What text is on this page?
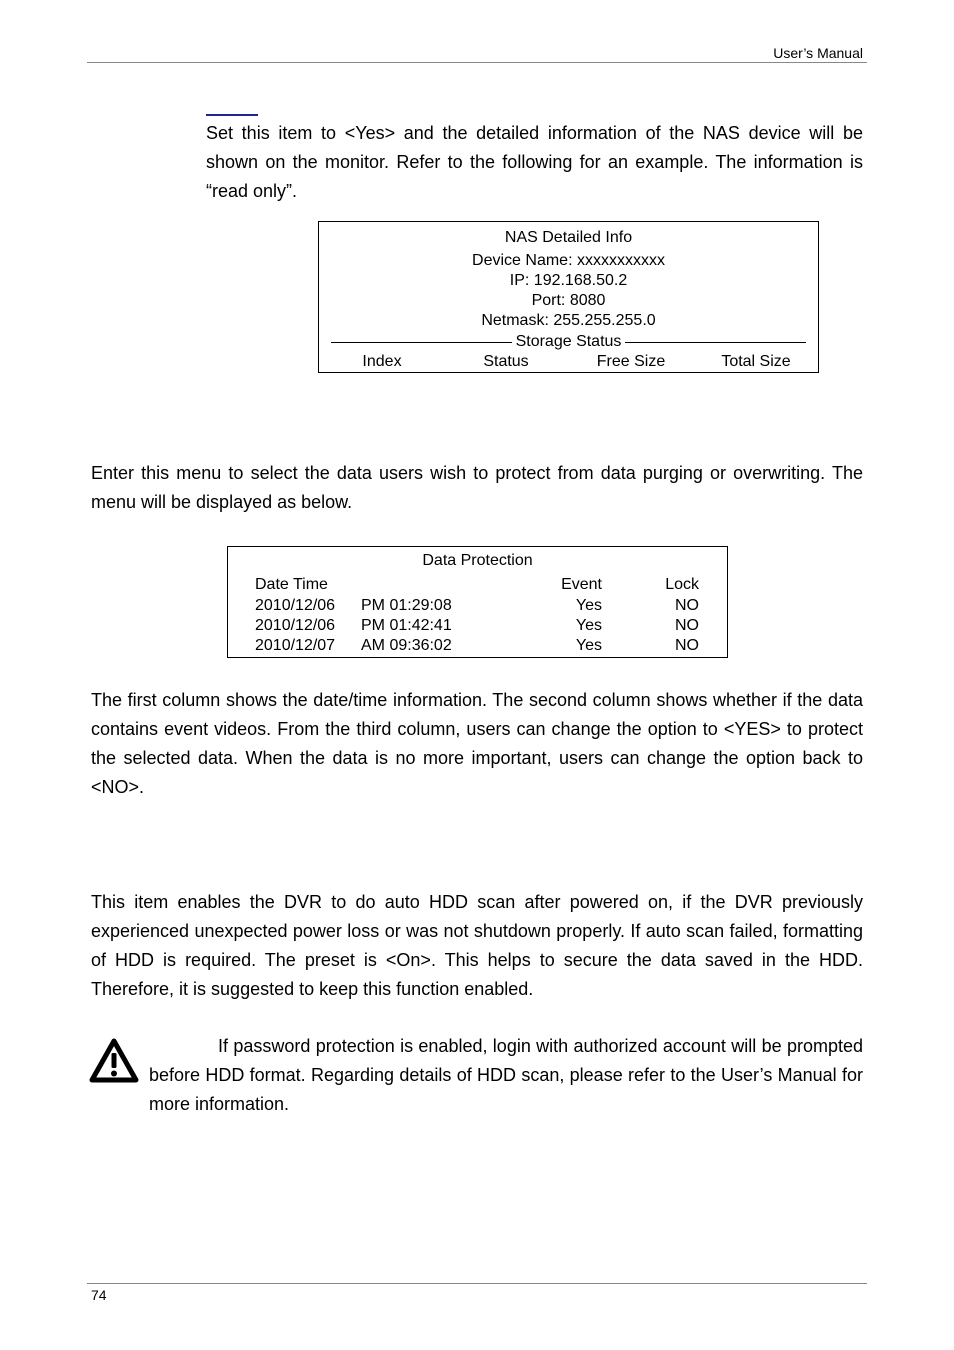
User’s Manual

Set this item to <Yes> and the detailed information of the NAS device will be shown on the monitor. Refer to the following for an example. The information is “read only”.

NAS Detailed Info
Device Name: xxxxxxxxxxx
IP: 192.168.50.2
Port: 8080
Netmask: 255.255.255.0
Storage Status
Index	Status	Free Size	Total Size

Enter this menu to select the data users wish to protect from data purging or overwriting. The menu will be displayed as below.

Data Protection
Date Time	Event	Lock
2010/12/06 PM 01:29:08	Yes	NO
2010/12/06 PM 01:42:41	Yes	NO
2010/12/07 AM 09:36:02	Yes	NO

The first column shows the date/time information. The second column shows whether if the data contains event videos. From the third column, users can change the option to <YES> to protect the selected data. When the data is no more important, users can change the option back to <NO>.

This item enables the DVR to do auto HDD scan after powered on, if the DVR previously experienced unexpected power loss or was not shutdown properly. If auto scan failed, formatting of HDD is required. The preset is <On>. This helps to secure the data saved in the HDD. Therefore, it is suggested to keep this function enabled.

If password protection is enabled, login with authorized account will be prompted before HDD format. Regarding details of HDD scan, please refer to the User’s Manual for more information.

74
